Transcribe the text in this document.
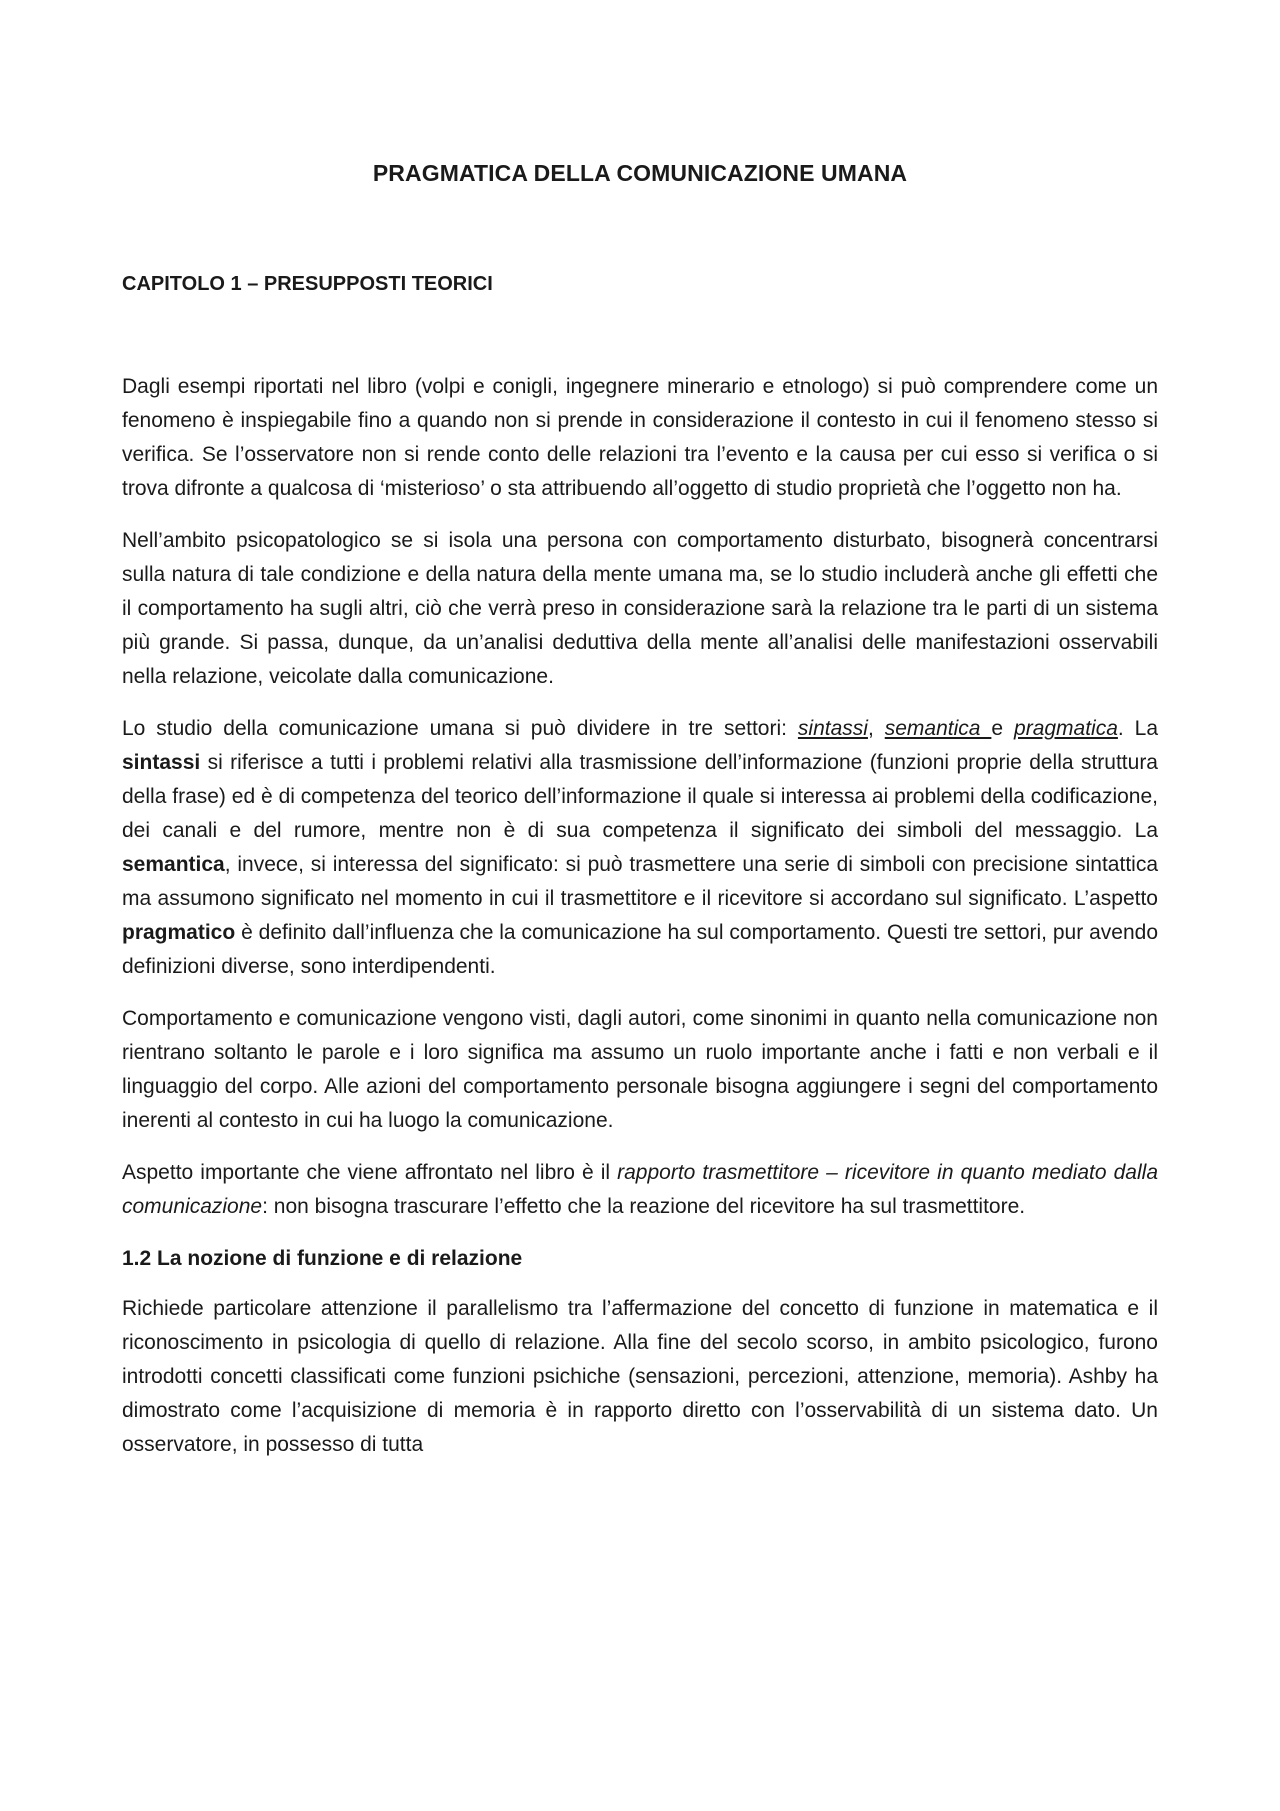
PRAGMATICA DELLA COMUNICAZIONE UMANA
CAPITOLO 1 – PRESUPPOSTI TEORICI

Dagli esempi riportati nel libro (volpi e conigli, ingegnere minerario e etnologo) si può comprendere come un fenomeno è inspiegabile fino a quando non si prende in considerazione il contesto in cui il fenomeno stesso si verifica. Se l’osservatore non si rende conto delle relazioni tra l’evento e la causa per cui esso si verifica o si trova difronte a qualcosa di ‘misterioso’ o sta attribuendo all’oggetto di studio proprietà che l’oggetto non ha.

Nell’ambito psicopatologico se si isola una persona con comportamento disturbato, bisognerà concentrarsi sulla natura di tale condizione e della natura della mente umana ma, se lo studio includerà anche gli effetti che il comportamento ha sugli altri, ciò che verrà preso in considerazione sarà la relazione tra le parti di un sistema più grande. Si passa, dunque, da un’analisi deduttiva della mente all’analisi delle manifestazioni osservabili nella relazione, veicolate dalla comunicazione.

Lo studio della comunicazione umana si può dividere in tre settori: sintassi, semantica e pragmatica. La sintassi si riferisce a tutti i problemi relativi alla trasmissione dell’informazione (funzioni proprie della struttura della frase) ed è di competenza del teorico dell’informazione il quale si interessa ai problemi della codificazione, dei canali e del rumore, mentre non è di sua competenza il significato dei simboli del messaggio. La semantica, invece, si interessa del significato: si può trasmettere una serie di simboli con precisione sintattica ma assumono significato nel momento in cui il trasmettitore e il ricevitore si accordano sul significato. L’aspetto pragmatico è definito dall’influenza che la comunicazione ha sul comportamento. Questi tre settori, pur avendo definizioni diverse, sono interdipendenti.

Comportamento e comunicazione vengono visti, dagli autori, come sinonimi in quanto nella comunicazione non rientrano soltanto le parole e i loro significa ma assumo un ruolo importante anche i fatti e non verbali e il linguaggio del corpo. Alle azioni del comportamento personale bisogna aggiungere i segni del comportamento inerenti al contesto in cui ha luogo la comunicazione.

Aspetto importante che viene affrontato nel libro è il rapporto trasmettitore – ricevitore in quanto mediato dalla comunicazione: non bisogna trascurare l’effetto che la reazione del ricevitore ha sul trasmettitore.

1.2 La nozione di funzione e di relazione

Richiede particolare attenzione il parallelismo tra l’affermazione del concetto di funzione in matematica e il riconoscimento in psicologia di quello di relazione. Alla fine del secolo scorso, in ambito psicologico, furono introdotti concetti classificati come funzioni psichiche (sensazioni, percezioni, attenzione, memoria). Ashby ha dimostrato come l’acquisizione di memoria è in rapporto diretto con l’osservabilità di un sistema dato. Un osservatore, in possesso di tutta
